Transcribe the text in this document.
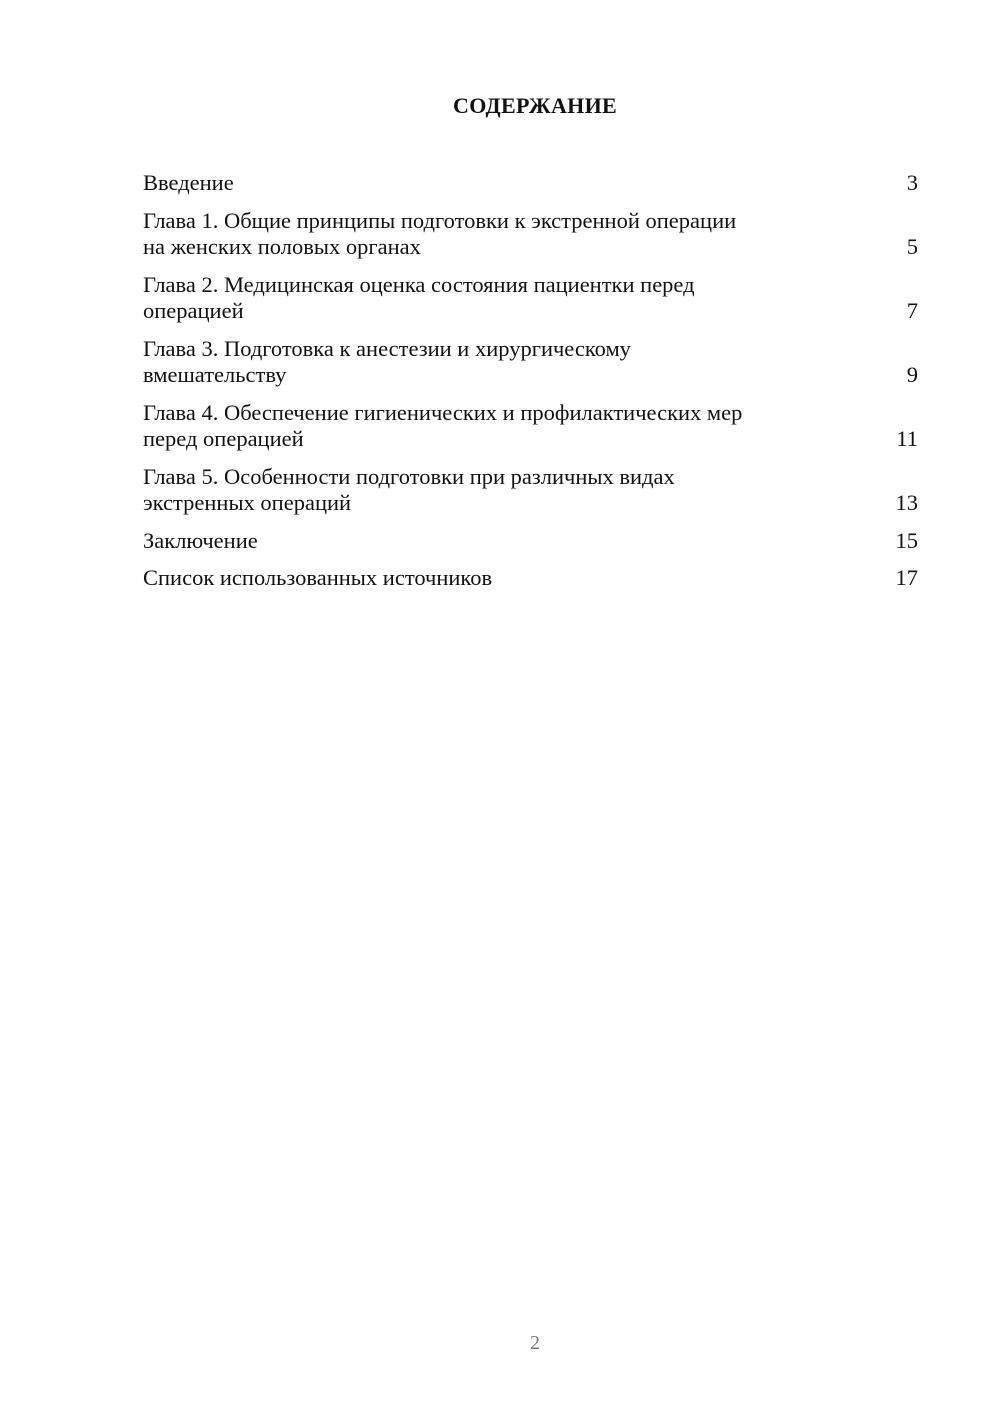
СОДЕРЖАНИЕ
Введение	3
Глава 1. Общие принципы подготовки к экстренной операции
на женских половых органах	5
Глава 2. Медицинская оценка состояния пациентки перед
операцией	7
Глава 3. Подготовка к анестезии и хирургическому
вмешательству	9
Глава 4. Обеспечение гигиенических и профилактических мер
перед операцией	11
Глава 5. Особенности подготовки при различных видах
экстренных операций	13
Заключение	15
Список использованных источников	17
2
